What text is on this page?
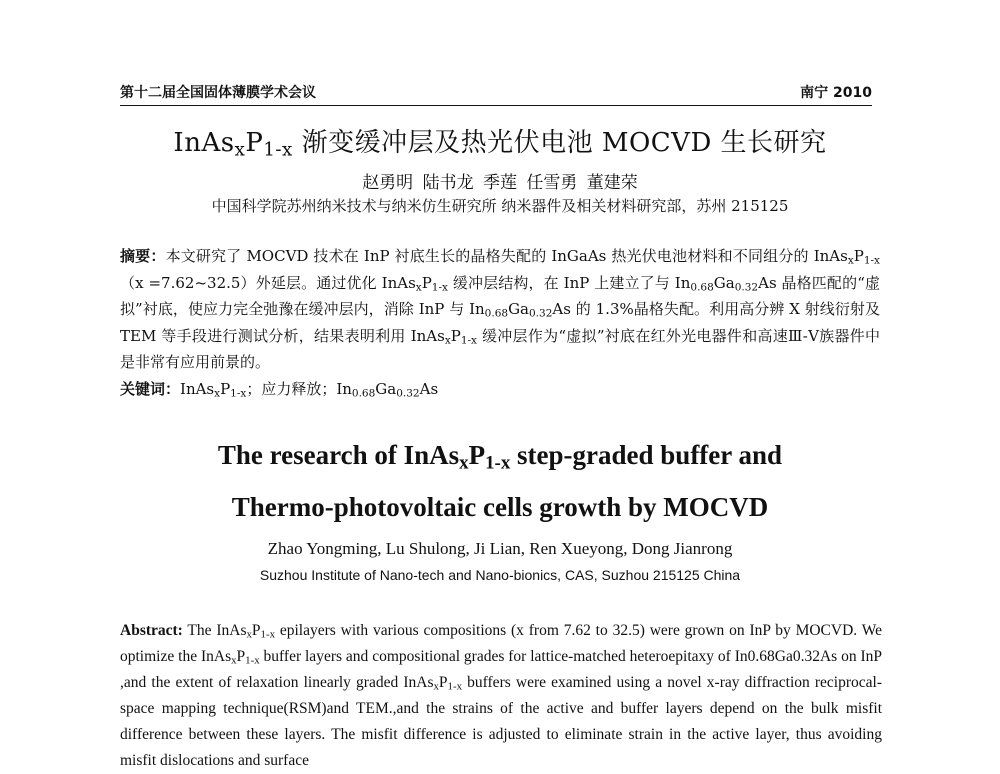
第十二届全国固体薄膜学术会议	南宁 2010
$InAs_xP_{1-x}$ 渐变缓冲层及热光伏电池 MOCVD 生长研究
赵勇明 陆书龙 季莲 任雪勇 董建荣
中国科学院苏州纳米技术与纳米仿生研究所 纳米器件及相关材料研究部，苏州 215125
摘要：本文研究了 MOCVD 技术在 InP 衬底生长的晶格失配的 InGaAs 热光伏电池材料和不同组分的 $InAs_xP_{1-x}(x$ =7.62~32.5）外延层。通过优化 $InAs_xP_{1-x}$ 缓冲层结构，在 InP 上建立了与 $In_{0.68}Ga_{0.32}As$ 晶格匹配的“虚拟”衬底，使应力完全弛豫在缓冲层内，消除 InP 与 $In_{0.68}Ga_{0.32}As$ 的 1.3%晶格失配。利用高分辨 X 射线衍射及 TEM 等手段进行测试分析，结果表明利用 $InAs_xP_{1-x}$ 缓冲层作为“虚拟”衬底在红外光电器件和高速Ⅲ-Ⅴ族器件中是非常有应用前景的。
关键词：$InAs_xP_{1-x}$；应力释放；$In_{0.68}Ga_{0.32}As$
The research of $InAs_xP_{1-x}$ step-graded buffer and
Thermo-photovoltaic cells growth by MOCVD
Zhao Yongming, Lu Shulong, Ji Lian, Ren Xueyong, Dong Jianrong
Suzhou Institute of Nano-tech and Nano-bionics, CAS, Suzhou 215125 China
Abstract: The $InAs_xP_{1-x}$ epilayers with various compositions (x from 7.62 to 32.5) were grown on InP by MOCVD. We optimize the $InAs_xP_{1-x}$ buffer layers and compositional grades for lattice-matched heteroepitaxy of In0.68Ga0.32As on InP ,and the extent of relaxation linearly graded $InAs_xP_{1-x}$ buffers were examined using a novel x-ray diffraction reciprocal-space mapping technique(RSM)and TEM.,and the strains of the active and buffer layers depend on the bulk misfit difference between these layers. The misfit difference is adjusted to eliminate strain in the active layer, thus avoiding misfit dislocations and surface
